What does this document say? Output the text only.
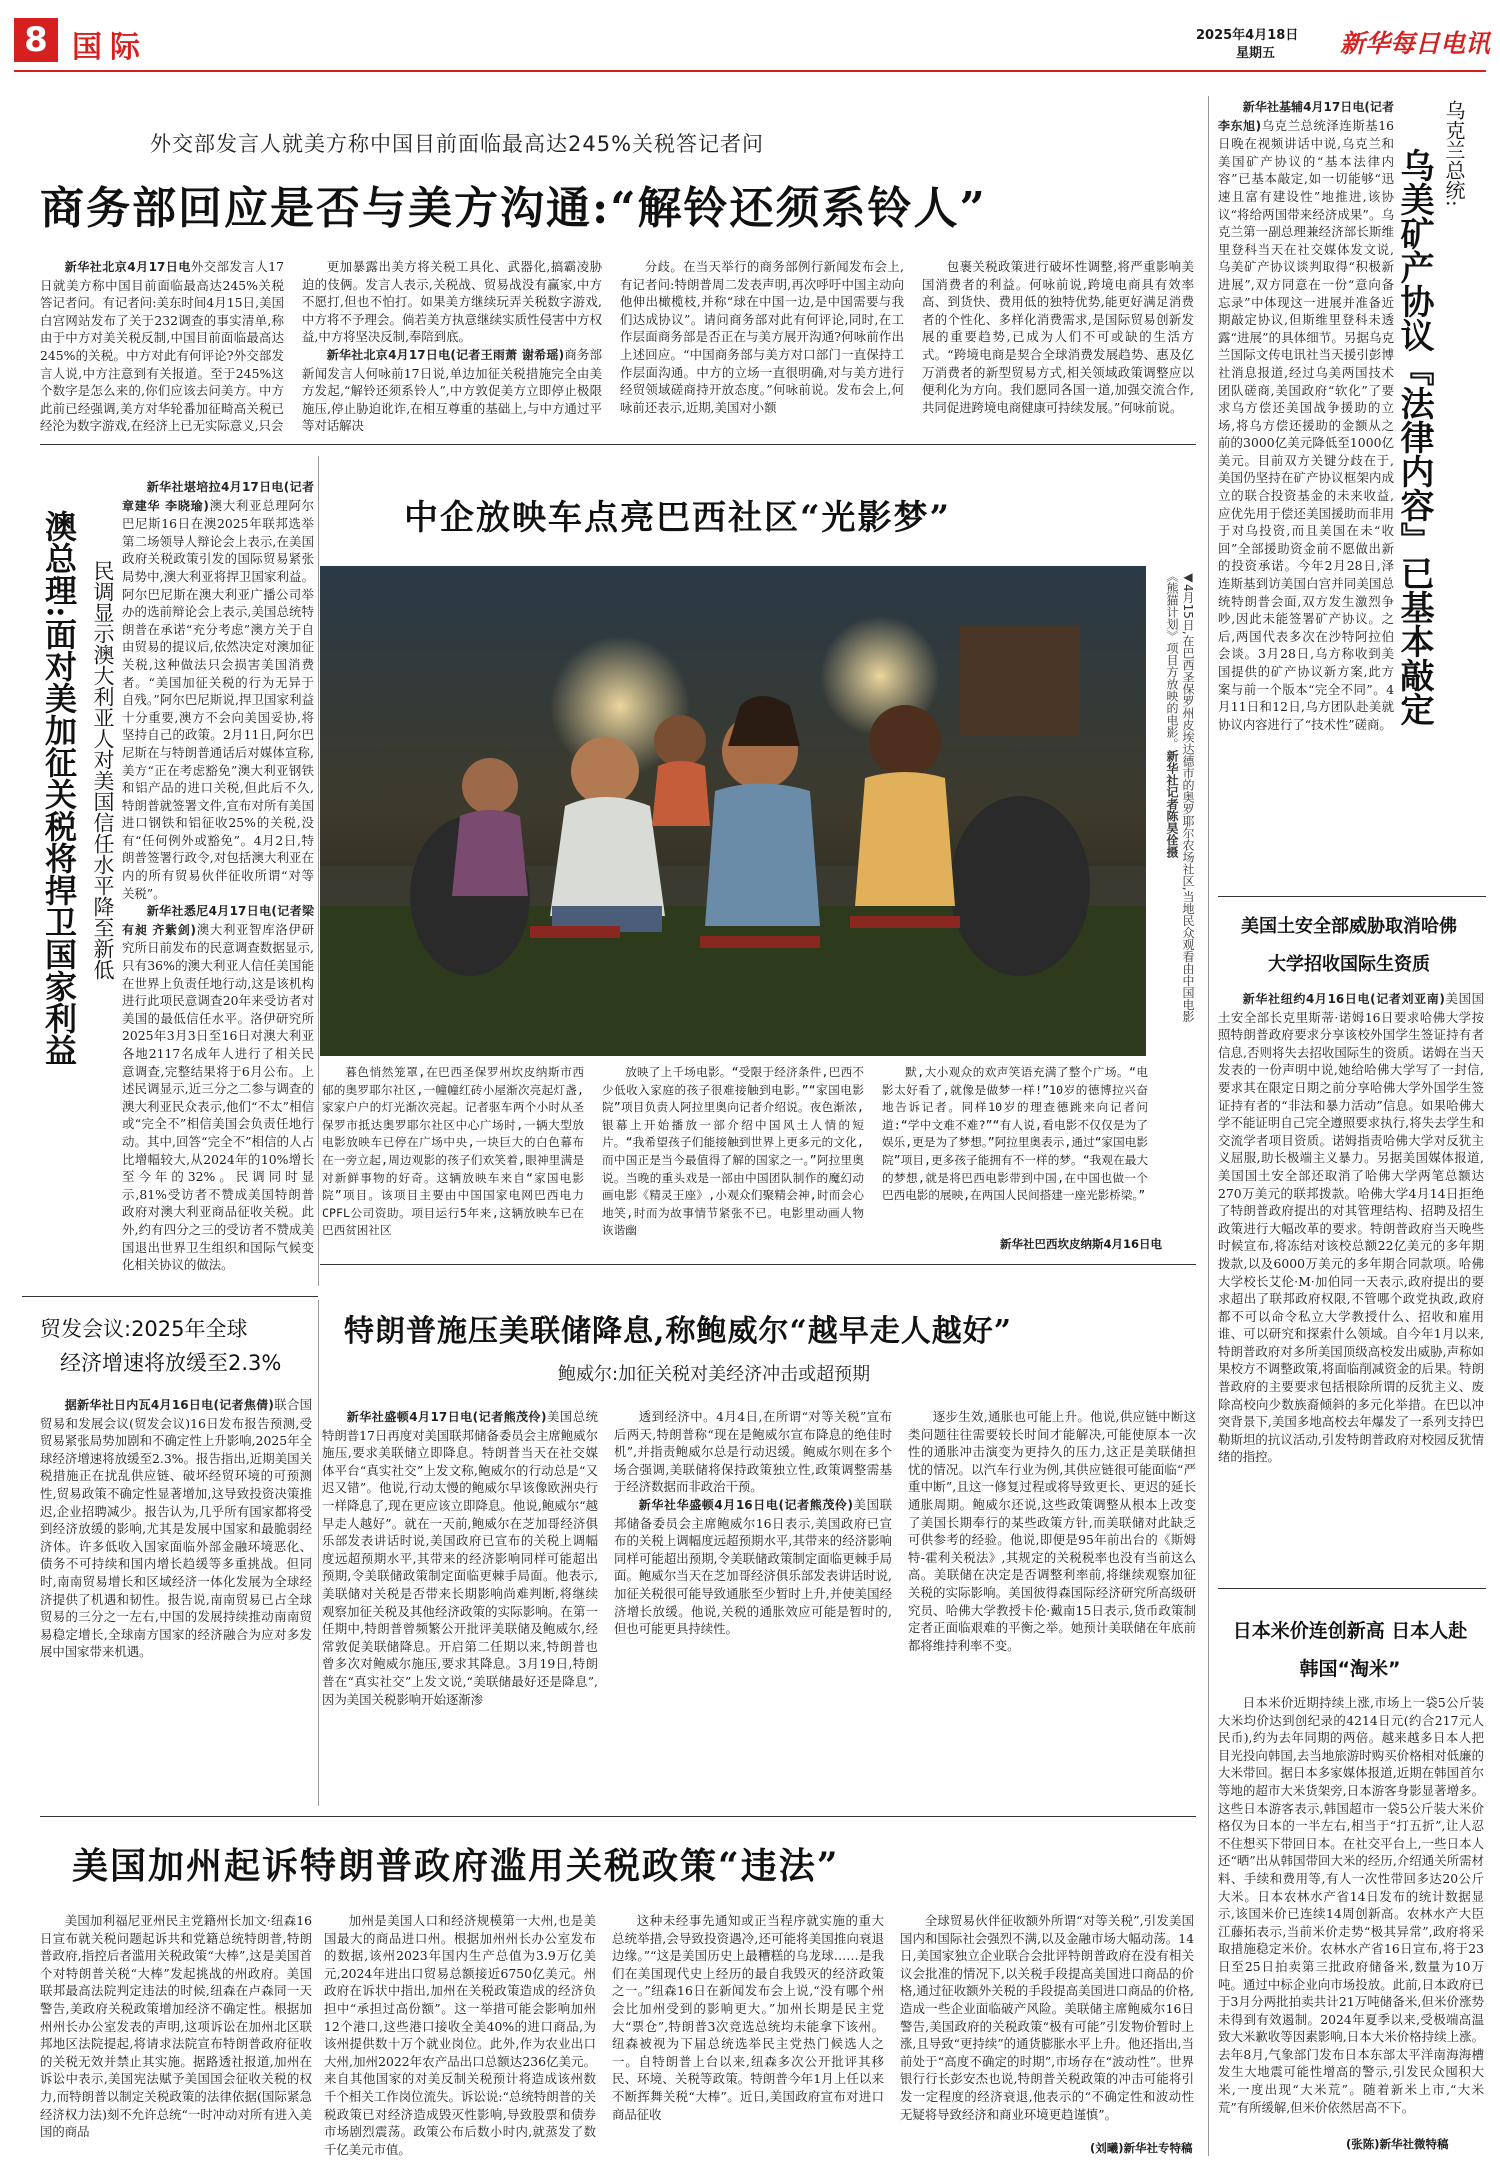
8 国际	2025年4月18日
星期五	新华每日电讯
外交部发言人就美方称中国目前面临最高达245%关税答记者问
商务部回应是否与美方沟通:“解铃还须系铃人”

新华社北京4月17日电外交部发言人17日就美方称中国目前面临最高达245%关税答记者问。有记者问:美东时间4月15日,美国白宫网站发布了关于232调查的事实清单,称由于中方对美关税反制,中国目前面临最高达245%的关税。中方对此有何评论?外交部发言人说,中方注意到有关报道。至于245%这个数字是怎么来的,你们应该去问美方。中方此前已经强调,美方对华轮番加征畸高关税已经沦为数字游戏,在经济上已无实际意义,只会

更加暴露出美方将关税工具化、武器化,搞霸凌胁迫的伎俩。发言人表示,关税战、贸易战没有赢家,中方不愿打,但也不怕打。如果美方继续玩弄关税数字游戏,中方将不予理会。倘若美方执意继续实质性侵害中方权益,中方将坚决反制,奉陪到底。

新华社北京4月17日电(记者王雨萧 谢希瑶)商务部新闻发言人何咏前17日说,单边加征关税措施完全由美方发起,“解铃还须系铃人”,中方敦促美方立即停止极限施压,停止胁迫讹诈,在相互尊重的基础上,与中方通过平等对话解决

分歧。在当天举行的商务部例行新闻发布会上,有记者问:特朗普周二发表声明,再次呼吁中国主动向他伸出橄榄枝,并称“球在中国一边,是中国需要与我们达成协议”。请问商务部对此有何评论,同时,在工作层面商务部是否正在与美方展开沟通?何咏前作出上述回应。“中国商务部与美方对口部门一直保持工作层面沟通。中方的立场一直很明确,对与美方进行经贸领域磋商持开放态度。”何咏前说。发布会上,何咏前还表示,近期,美国对小额

包裹关税政策进行破坏性调整,将严重影响美国消费者的利益。何咏前说,跨境电商具有效率高、到货快、费用低的独特优势,能更好满足消费者的个性化、多样化消费需求,是国际贸易创新发展的重要趋势,已成为人们不可或缺的生活方式。“跨境电商是契合全球消费发展趋势、惠及亿万消费者的新型贸易方式,相关领域政策调整应以便利化为方向。我们愿同各国一道,加强交流合作,共同促进跨境电商健康可持续发展。”何咏前说。

新华社基辅4月17日电(记者李东旭)乌克兰总统泽连斯基16日晚在视频讲话中说,乌克兰和美国矿产协议的“基本法律内容”已基本敲定,如一切能够“迅速且富有建设性”地推进,该协议“将给两国带来经济成果”。乌克兰第一副总理兼经济部长斯维里登科当天在社交媒体发文说,乌美矿产协议谈判取得“积极新进展”,双方同意在一份“意向备忘录”中体现这一进展并准备近期敲定协议,但斯维里登科未透露“进展”的具体细节。另据乌克兰国际文传电讯社当天援引彭博社消息报道,经过乌美两国技术团队磋商,美国政府“软化”了要求乌方偿还美国战争援助的立场,将乌方偿还援助的金额从之前的3000亿美元降低至1000亿美元。目前双方关键分歧在于,美国仍坚持在矿产协议框架内成立的联合投资基金的未来收益,应优先用于偿还美国援助而非用于对乌投资,而且美国在未“收回”全部援助资金前不愿做出新的投资承诺。今年2月28日,泽连斯基到访美国白宫并同美国总统特朗普会面,双方发生激烈争吵,因此未能签署矿产协议。之后,两国代表多次在沙特阿拉伯会谈。3月28日,乌方称收到美国提供的矿产协议新方案,此方案与前一个版本“完全不同”。4月11日和12日,乌方团队赴美就协议内容进行了“技术性”磋商。

乌克兰总统:
乌美矿产协议『法律内容』已基本敲定
澳总理:面对美加征关税将捍卫国家利益 民调显示澳大利亚人对美国信任水平降至新低

新华社堪培拉4月17日电(记者章建华 李晓瑜)澳大利亚总理阿尔巴尼斯16日在澳2025年联邦选举第二场领导人辩论会上表示,在美国政府关税政策引发的国际贸易紧张局势中,澳大利亚将捍卫国家利益。阿尔巴尼斯在澳大利亚广播公司举办的选前辩论会上表示,美国总统特朗普在承诺“充分考虑”澳方关于自由贸易的提议后,依然决定对澳加征关税,这种做法只会损害美国消费者。“美国加征关税的行为无异于自残。”阿尔巴尼斯说,捍卫国家利益十分重要,澳方不会向美国妥协,将坚持自己的政策。2月11日,阿尔巴尼斯在与特朗普通话后对媒体宣称,美方“正在考虑豁免”澳大利亚钢铁和铝产品的进口关税,但此后不久,特朗普就签署文件,宣布对所有美国进口钢铁和铝征收25%的关税,没有“任何例外或豁免”。4月2日,特朗普签署行政令,对包括澳大利亚在内的所有贸易伙伴征收所谓“对等关税”。

新华社悉尼4月17日电(记者梁有昶 齐紫剑)澳大利亚智库洛伊研究所日前发布的民意调查数据显示,只有36%的澳大利亚人信任美国能在世界上负责任地行动,这是该机构进行此项民意调查20年来受访者对美国的最低信任水平。洛伊研究所2025年3月3日至16日对澳大利亚各地2117名成年人进行了相关民意调查,完整结果将于6月公布。上述民调显示,近三分之二参与调查的澳大利亚民众表示,他们“不太”相信或“完全不”相信美国会负责任地行动。其中,回答“完全不”相信的人占比增幅较大,从2024年的10%增长至今年的32%。民调同时显示,81%受访者不赞成美国特朗普政府对澳大利亚商品征收关税。此外,约有四分之三的受访者不赞成美国退出世界卫生组织和国际气候变化相关协议的做法。

中企放映车点亮巴西社区“光影梦”
◀4月15日,在巴西圣保罗州皮埃达德市的奥罗耶尔农场社区,当地民众观看由中国电影《熊猫计划》项目方放映的电影。新华社记者陈昊佺摄

暮色悄然笼罩,在巴西圣保罗州坎皮纳斯市西郁的奥罗耶尔社区,一幢幢红砖小屋渐次亮起灯盏,家家户户的灯光渐次亮起。记者驱车两个小时从圣保罗市抵达奥罗耶尔社区中心广场时,一辆大型放电影放映车已停在广场中央,一块巨大的白色幕布在一旁立起,周边观影的孩子们欢笑着,眼神里满是对新鲜事物的好奇。这辆放映车来自“家国电影院”项目。该项目主要由中国国家电网巴西电力CPFL公司资助。项目运行5年来,这辆放映车已在巴西贫困社区

放映了上千场电影。“受限于经济条件,巴西不少低收入家庭的孩子很难接触到电影。”“家国电影院”项目负责人阿拉里奥向记者介绍说。夜色渐浓,银幕上开始播放一部介绍中国风土人情的短片。“我希望孩子们能接触到世界上更多元的文化,而中国正是当今最值得了解的国家之一。”阿拉里奥说。当晚的重头戏是一部由中国团队制作的魔幻动画电影《精灵王座》,小观众们聚精会神,时而会心地笑,时而为故事情节紧张不已。电影里动画人物诙谐幽

默,大小观众的欢声笑语充满了整个广场。“电影太好看了,就像是做梦一样!”10岁的德博拉兴奋地告诉记者。同样10岁的理查德跳来向记者问道:“学中文难不难?”“有人说,看电影不仅仅是为了娱乐,更是为了梦想。”阿拉里奥表示,通过“家国电影院”项目,更多孩子能拥有不一样的梦。“我观在最大的梦想,就是将巴西电影带到中国,在中国也做一个巴西电影的展映,在两国人民间搭建一座光影桥梁。”

新华社巴西坎皮纳斯4月16日电
美国土安全部威胁取消哈佛大学招收国际生资质

新华社纽约4月16日电(记者刘亚南)美国国土安全部长克里斯蒂·诺姆16日要求哈佛大学按照特朗普政府要求分享该校外国学生签证持有者信息,否则将失去招收国际生的资质。诺姆在当天发表的一份声明中说,她给哈佛大学写了一封信,要求其在限定日期之前分享哈佛大学外国学生签证持有者的“非法和暴力活动”信息。如果哈佛大学不能证明自己完全遵照要求执行,将失去学生和交流学者项目资质。诺姆指责哈佛大学对反犹主义屈服,助长极端主义暴力。另据美国媒体报道,美国国土安全部还取消了哈佛大学两笔总额达270万美元的联邦拨款。哈佛大学4月14日拒绝了特朗普政府提出的对其管理结构、招聘及招生政策进行大幅改革的要求。特朗普政府当天晚些时候宣布,将冻结对该校总额22亿美元的多年期拨款,以及6000万美元的多年期合同款项。哈佛大学校长艾伦·M·加伯同一天表示,政府提出的要求超出了联邦政府权限,不管哪个政党执政,政府都不可以命令私立大学教授什么、招收和雇用谁、可以研究和探索什么领域。自今年1月以来,特朗普政府对多所美国顶级高校发出威胁,声称如果校方不调整政策,将面临削减资金的后果。特朗普政府的主要要求包括根除所谓的反犹主义、废除高校向少数族裔倾斜的多元化举措。在巴以冲突背景下,美国多地高校去年爆发了一系列支持巴勒斯坦的抗议活动,引发特朗普政府对校园反犹情绪的指控。

日本米价连创新高 日本人赴韩国“淘米”

日本米价近期持续上涨,市场上一袋5公斤装大米均价达到创纪录的4214日元(约合217元人民币),约为去年同期的两倍。越来越多日本人把目光投向韩国,去当地旅游时购买价格相对低廉的大米带回。据日本多家媒体报道,近期在韩国首尔等地的超市大米货架旁,日本游客身影显著增多。这些日本游客表示,韩国超市一袋5公斤装大米价格仅为日本的一半左右,相当于“打五折”,让人忍不住想买下带回日本。在社交平台上,一些日本人还“晒”出从韩国带回大米的经历,介绍通关所需材料、手续和费用等,有人一次性带回多达20公斤大米。日本农林水产省14日发布的统计数据显示,该国米价已连续14周创新高。农林水产大臣江藤拓表示,当前米价走势“极其异常”,政府将采取措施稳定米价。农林水产省16日宣布,将于23日至25日拍卖第三批政府储备米,数量为10万吨。通过中标企业向市场投放。此前,日本政府已于3月分两批拍卖共计21万吨储备米,但米价涨势未得到有效遏制。2024年夏季以来,受极端高温致大米歉收等因素影响,日本大米价格持续上涨。去年8月,气象部门发布日本东部太平洋南海海槽发生大地震可能性增高的警示,引发民众囤积大米,一度出现“大米荒”。随着新米上市,“大米荒”有所缓解,但米价依然居高不下。

(张陈)新华社微特稿
特朗普施压美联储降息,称鲍威尔“越早走人越好”
鲍威尔:加征关税对美经济冲击或超预期

新华社盛顿4月17日电(记者熊茂伶)美国总统特朗普17日再度对美国联邦储备委员会主席鲍威尔施压,要求美联储立即降息。特朗普当天在社交媒体平台“真实社交”上发文称,鲍威尔的行动总是“又迟又错”。他说,行动太慢的鲍威尔早该像欧洲央行一样降息了,现在更应该立即降息。他说,鲍威尔“越早走人越好”。就在一天前,鲍威尔在芝加哥经济俱乐部发表讲话时说,美国政府已宣布的关税上调幅度远超预期水平,其带来的经济影响同样可能超出预期,令美联储政策制定面临更棘手局面。他表示,美联储对关税是否带来长期影响尚难判断,将继续观察加征关税及其他经济政策的实际影响。在第一任期中,特朗普曾频繁公开批评美联储及鲍威尔,经常敦促美联储降息。开启第二任期以来,特朗普也曾多次对鲍威尔施压,要求其降息。3月19日,特朗普在“真实社交”上发文说,“美联储最好还是降息”,因为美国关税影响开始逐渐渗

透到经济中。4月4日,在所谓“对等关税”宣布后两天,特朗普称“现在是鲍威尔宣布降息的绝佳时机”,并指责鲍威尔总是行动迟缓。鲍威尔则在多个场合强调,美联储将保持政策独立性,政策调整需基于经济数据而非政治干预。

新华社华盛顿4月16日电(记者熊茂伶)美国联邦储备委员会主席鲍威尔16日表示,美国政府已宣布的关税上调幅度远超预期水平,其带来的经济影响同样可能超出预期,令美联储政策制定面临更棘手局面。鲍威尔当天在芝加哥经济俱乐部发表讲话时说,加征关税很可能导致通胀至少暂时上升,并使美国经济增长放缓。他说,关税的通胀效应可能是暂时的,但也可能更具持续性。

逐步生效,通胀也可能上升。他说,供应链中断这类问题往往需要较长时间才能解决,可能使原本一次性的通胀冲击演变为更持久的压力,这正是美联储担忧的情况。以汽车行业为例,其供应链很可能面临“严重中断”,且这一修复过程或将导致更长、更迟的延长通胀周期。鲍威尔还说,这些政策调整从根本上改变了美国长期奉行的某些政策方针,而美联储对此缺乏可供参考的经验。他说,即便是95年前出台的《斯姆特-霍利关税法》,其规定的关税税率也没有当前这么高。美联储在决定是否调整利率前,将继续观察加征关税的实际影响。美国彼得森国际经济研究所高级研究员、哈佛大学教授卡伦·戴南15日表示,货币政策制定者正面临艰难的平衡之举。她预计美联储在年底前都将维持利率不变。

贸发会议:2025年全球
经济增速将放缓至2.3%

据新华社日内瓦4月16日电(记者焦倩)联合国贸易和发展会议(贸发会议)16日发布报告预测,受贸易紧张局势加剧和不确定性上升影响,2025年全球经济增速将放缓至2.3%。报告指出,近期美国关税措施正在扰乱供应链、破坏经贸环境的可预测性,贸易政策不确定性显著增加,这导致投资决策推迟,企业招聘减少。报告认为,几乎所有国家都将受到经济放缓的影响,尤其是发展中国家和最脆弱经济体。许多低收入国家面临外部金融环境恶化、债务不可持续和国内增长趋缓等多重挑战。但同时,南南贸易增长和区域经济一体化发展为全球经济提供了机遇和韧性。报告说,南南贸易已占全球贸易的三分之一左右,中国的发展持续推动南南贸易稳定增长,全球南方国家的经济融合为应对多发展中国家带来机遇。

美国加州起诉特朗普政府滥用关税政策“违法”

美国加利福尼亚州民主党籍州长加文·纽森16日宣布就关税问题起诉共和党籍总统特朗普,特朗普政府,指控后者滥用关税政策“大棒”,这是美国首个对特朗普关税“大棒”发起挑战的州政府。美国联邦最高法院判定违法的时候,纽森在卢森同一天警告,美政府关税政策增加经济不确定性。根据加州州长办公室发表的声明,这项诉讼在加州北区联邦地区法院提起,将请求法院宣布特朗普政府征收的关税无效并禁止其实施。据路透社报道,加州在诉讼中表示,美国宪法赋予美国国会征收关税的权力,而特朗普以制定关税政策的法律依据(国际紧急经济权力法)刻不允许总统“一时冲动对所有进入美国的商品

加州是美国人口和经济规模第一大州,也是美国最大的商品进口州。根据加州州长办公室发布的数据,该州2023年国内生产总值为3.9万亿美元,2024年进出口贸易总额接近6750亿美元。州政府在诉状中指出,加州在关税政策造成的经济负担中“承担过高份额”。这一举措可能会影响加州12个港口,这些港口接收全美40%的进口商品,为该州提供数十万个就业岗位。此外,作为农业出口大州,加州2022年农产品出口总额达236亿美元。来自其他国家的对美反制关税预计将造成该州数千个相关工作岗位流失。诉讼说:“总统特朗普的关税政策已对经济造成毁灭性影响,导致股票和债券市场剧烈震荡。政策公布后数小时内,就蒸发了数千亿美元市值。

这种未经事先通知或正当程序就实施的重大总统举措,会导致投资遇冷,还可能将美国推向衰退边缘。”“这是美国历史上最糟糕的乌龙球……是我们在美国现代史上经历的最自我毁灭的经济政策之一。”纽森16日在新闻发布会上说,“没有哪个州会比加州受到的影响更大。”加州长期是民主党大“票仓”,特朗普3次竞选总统均未能拿下该州。纽森被视为下届总统选举民主党热门候选人之一。自特朗普上台以来,纽森多次公开批评其移民、环境、关税等政策。特朗普今年1月上任以来不断挥舞关税“大棒”。近日,美国政府宣布对进口商品征收

全球贸易伙伴征收额外所谓“对等关税”,引发美国国内和国际社会强烈不满,以及金融市场大幅动荡。14日,美国家独立企业联合会批评特朗普政府在没有相关议会批准的情况下,以关税手段提高美国进口商品的价格,通过征收额外关税的手段提高美国进口商品的价格,造成一些企业面临破产风险。美联储主席鲍威尔16日警告,美国政府的关税政策“极有可能”引发物价暂时上涨,且导致“更持续”的通货膨胀水平上升。他还指出,当前处于“高度不确定的时期”,市场存在“波动性”。世界银行行长彭安杰也说,特朗普关税政策的冲击可能将引发一定程度的经济衰退,他表示的“不确定性和波动性无疑将导致经济和商业环境更趋谨慎”。

(刘曦)新华社专特稿
